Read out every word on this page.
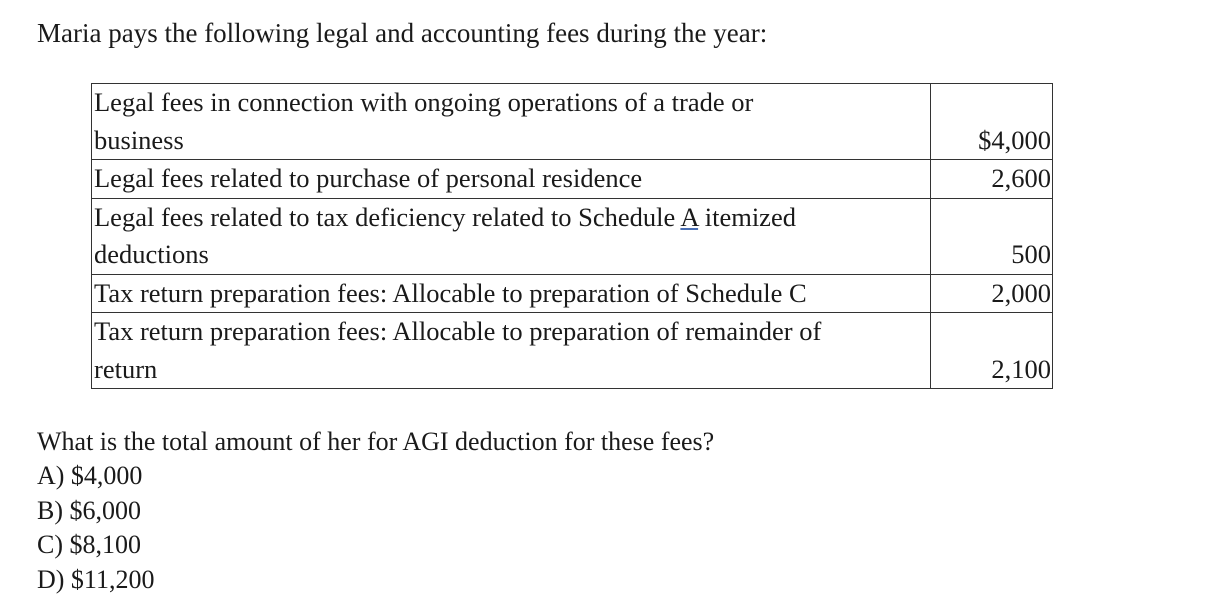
Maria pays the following legal and accounting fees during the year:
Legal fees in connection with ongoing operations of a trade or
business	$4,000
Legal fees related to purchase of personal residence	2,600
Legal fees related to tax deficiency related to Schedule A itemized
deductions	500
Tax return preparation fees: Allocable to preparation of Schedule C	2,000
Tax return preparation fees: Allocable to preparation of remainder of
return	2,100
What is the total amount of her for AGI deduction for these fees?
A) $4,000
B) $6,000
C) $8,100
D) $11,200
